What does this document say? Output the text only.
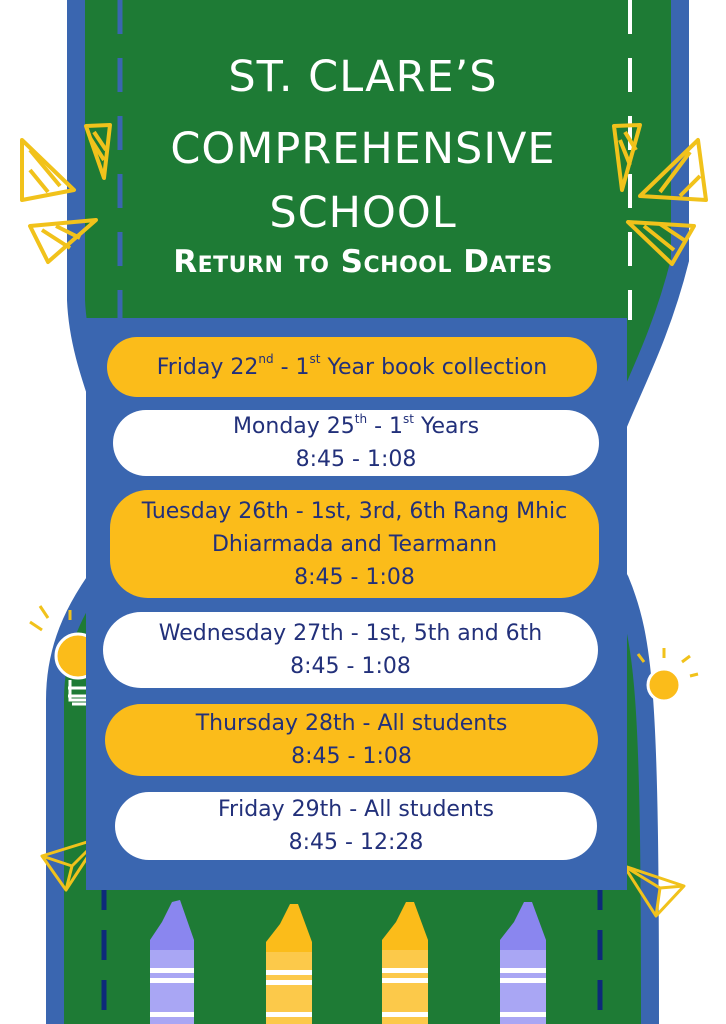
ST. CLARE’S
COMPREHENSIVE
SCHOOL
Return to School Dates
Friday 22nd - 1st Year book collection
Monday 25th - 1st Years
8:45 - 1:08
Tuesday 26th - 1st, 3rd, 6th Rang Mhic
Dhiarmada and Tearmann
8:45 - 1:08
Wednesday 27th - 1st, 5th and 6th
8:45 - 1:08
Thursday 28th - All students
8:45 - 1:08
Friday 29th - All students
8:45 - 12:28
